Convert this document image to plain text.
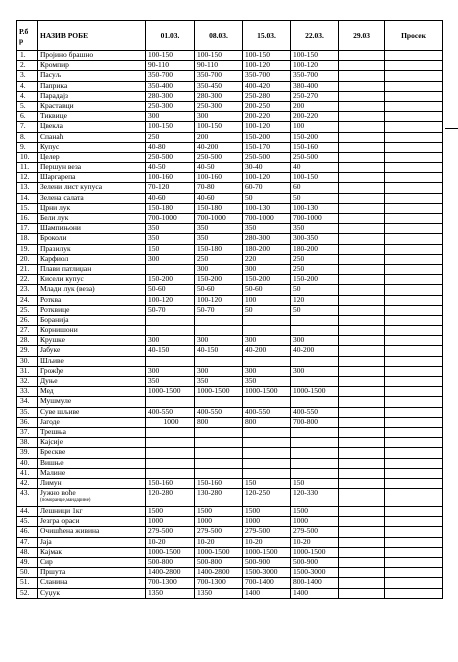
Р.б
р	НАЗИВ РОБЕ	01.03.	08.03.	15.03.	22.03.	29.03	Просек
1.	Пројино брашно	100-150	100-150	100-150	100-150		
2.	Кромпир	90-110	90-110	100-120	100-120		
3.	Пасуљ	350-700	350-700	350-700	350-700		
4.	Паприка	350-400	350-450	400-420	380-400		
4.	Парадајз	280-300	280-300	250-280	250-270		
5.	Краставци	250-300	250-300	200-250	200		
6.	Тиквице	300	300	200-220	200-220		
7.	Цвекла	100-150	100-150	100-120	100		
8.	Спанаћ	250	200	150-200	150-200		
9.	Купус	40-80	40-200	150-170	150-160		
10.	Целер	250-500	250-500	250-500	250-500		
11.	Першун веза	40-50	40-50	30-40	40		
12.	Шаргарепа	100-160	100-160	100-120	100-150		
13.	Зелени лист купуса	70-120	70-80	60-70	60		
14.	Зелена салата	40-60	40-60	50	50		
15.	Црни лук	150-180	150-180	100-130	100-130		
16.	Бели лук	700-1000	700-1000	700-1000	700-1000		
17.	Шампињони	350	350	350	350		
18.	Броколи	350	350	280-300	300-350		
19.	Празилук	150	150-180	180-200	180-200		
20.	Карфиол	300	250	220	250		
21.	Плави патлиџан		300	300	250		
22.	Кисели купус	150-200	150-200	150-200	150-200		
23.	Млади лук (веза)	50-60	50-60	50-60	50		
24.	Ротква	100-120	100-120	100	120		
25.	Ротквице	50-70	50-70	50	50		
26.	Боранија						
27.	Корнишони						
28.	Крушке	300	300	300	300		
29.	Јабуке	40-150	40-150	40-200	40-200		
30.	Шљиве						
31.	Грожђе	300	300	300	300		
32.	Дуње	350	350	350			
33.	Мед	1000-1500	1000-1500	1000-1500	1000-1500		
34.	Мушмуле						
35.	Суве шљиве	400-550	400-550	400-550	400-550		
36.	Јагоде	1000	800	800	700-800		
37.	Трешња						
38.	Кајсије						
39.	Брескве						
40.	Вишње						
41.	Малине						
42.	Лимун	150-160	150-160	150	150		
43.	Јужно воће
(поморанџе,мандарине)	120-280	130-280	120-250	120-330		
44.	Лешници 1кг	1500	1500	1500	1500		
45.	Језгра ораси	1000	1000	1000	1000		
46.	Очишћена живина	279-500	279-500	279-500	279-500		
47.	Јаја	10-20	10-20	10-20	10-20		
48.	Кајмак	1000-1500	1000-1500	1000-1500	1000-1500		
49.	Сир	500-800	500-800	500-900	500-900		
50.	Пршута	1400-2800	1400-2800	1500-3000	1500-3000		
51.	Сланина	700-1300	700-1300	700-1400	800-1400		
52.	Суџук	1350	1350	1400	1400		
